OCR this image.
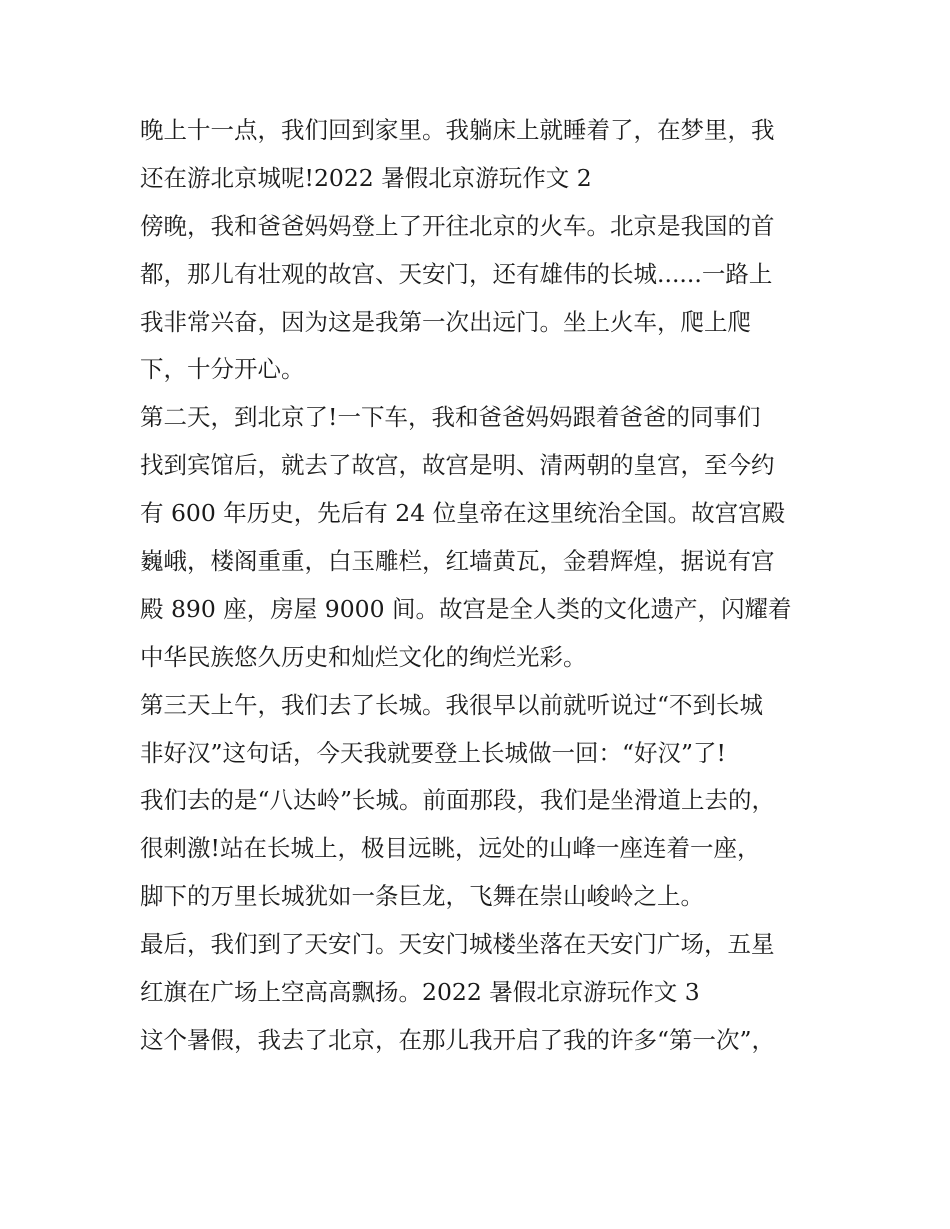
晚上十一点，我们回到家里。我躺床上就睡着了，在梦里，我
还在游北京城呢!2022 暑假北京游玩作文 2
傍晚，我和爸爸妈妈登上了开往北京的火车。北京是我国的首
都，那儿有壮观的故宫、天安门，还有雄伟的长城......一路上
我非常兴奋，因为这是我第一次出远门。坐上火车，爬上爬
下，十分开心。
第二天，到北京了!一下车，我和爸爸妈妈跟着爸爸的同事们
找到宾馆后，就去了故宫，故宫是明、清两朝的皇宫，至今约
有 600 年历史，先后有 24 位皇帝在这里统治全国。故宫宫殿
巍峨，楼阁重重，白玉雕栏，红墙黄瓦，金碧辉煌，据说有宫
殿 890 座，房屋 9000 间。故宫是全人类的文化遗产，闪耀着
中华民族悠久历史和灿烂文化的绚烂光彩。
第三天上午，我们去了长城。我很早以前就听说过“不到长城
非好汉”这句话，今天我就要登上长城做一回：“好汉”了!
我们去的是“八达岭”长城。前面那段，我们是坐滑道上去的，
很刺激!站在长城上，极目远眺，远处的山峰一座连着一座，
脚下的万里长城犹如一条巨龙，飞舞在崇山峻岭之上。
最后，我们到了天安门。天安门城楼坐落在天安门广场，五星
红旗在广场上空高高飘扬。2022 暑假北京游玩作文 3
这个暑假，我去了北京，在那儿我开启了我的许多“第一次”，
